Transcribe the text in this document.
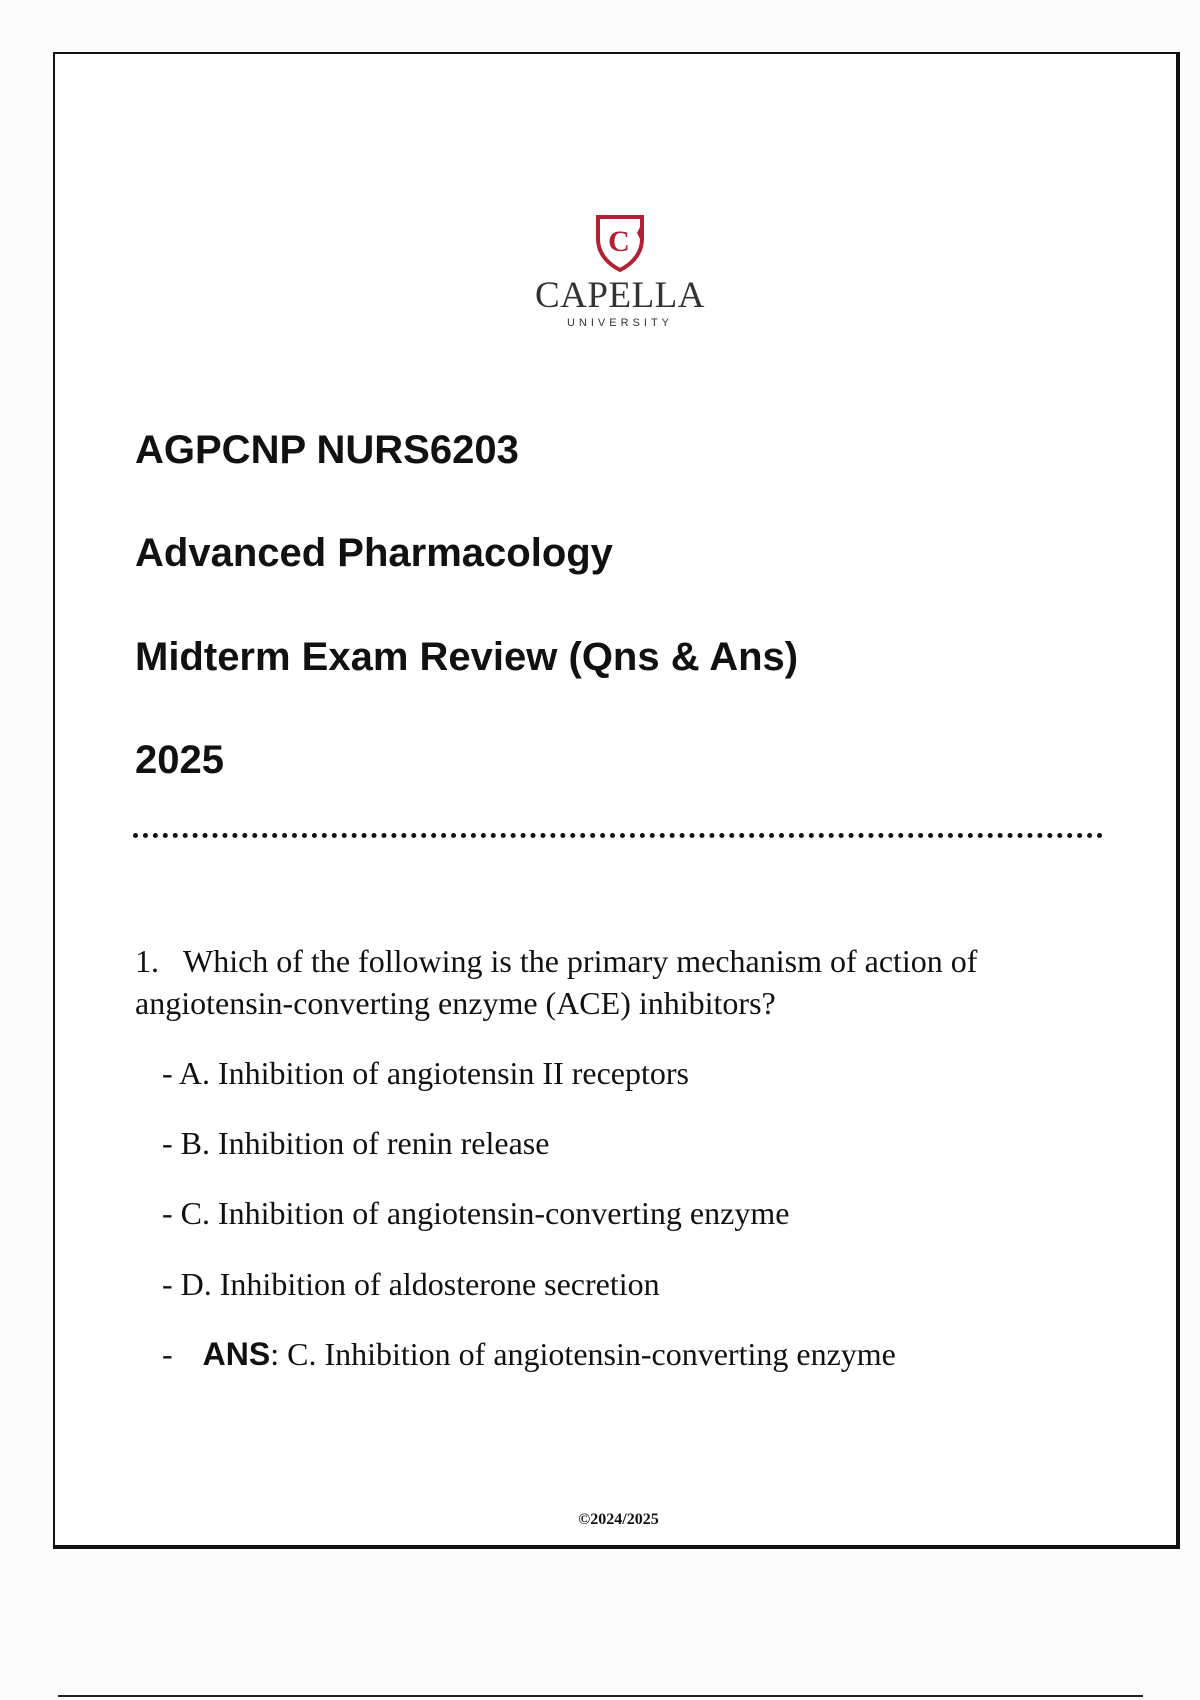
C
CAPELLA
UNIVERSITY
AGPCNP NURS6203
Advanced Pharmacology
Midterm Exam Review (Qns & Ans)
2025
1. Which of the following is the primary mechanism of action of angiotensin-converting enzyme (ACE) inhibitors?
- A. Inhibition of angiotensin II receptors
- B. Inhibition of renin release
- C. Inhibition of angiotensin-converting enzyme
- D. Inhibition of aldosterone secretion
- ANS: C. Inhibition of angiotensin-converting enzyme
©2024/2025
